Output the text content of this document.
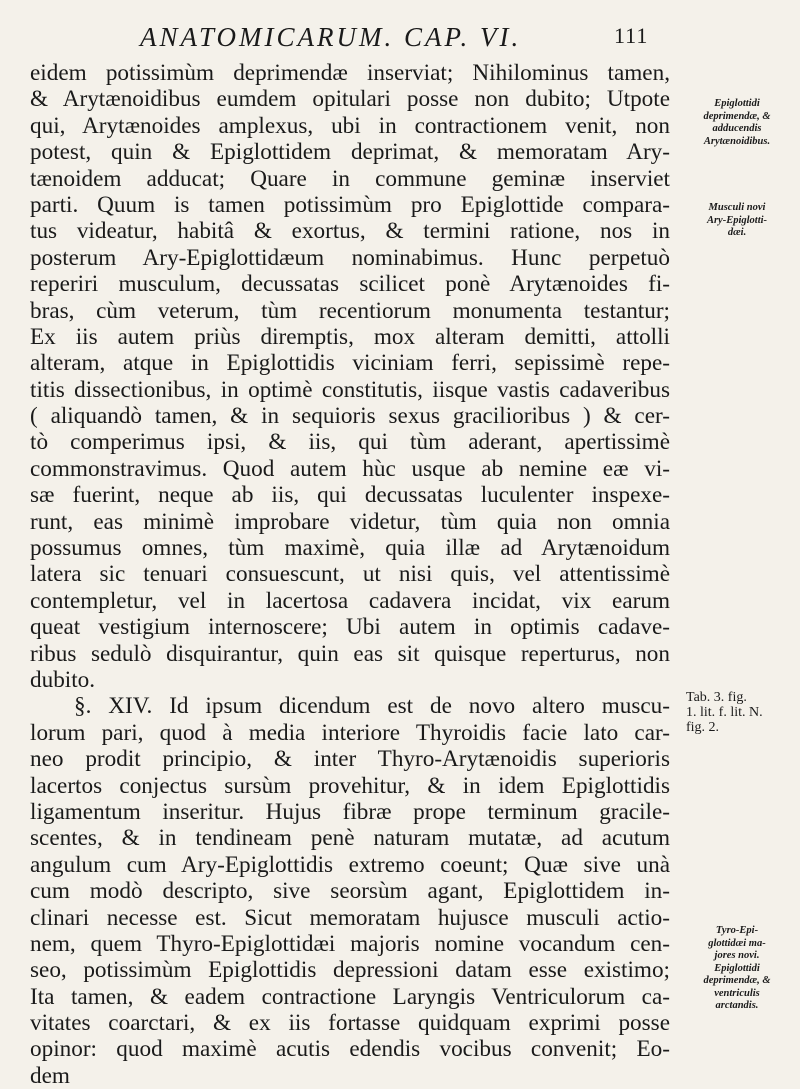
ANATOMICARUM. CAP. VI.	111
eidem potissimùm deprimendæ inserviat; Nihilominus tamen,
& Arytænoidibus eumdem opitulari posse non dubito; Utpote
qui, Arytænoides amplexus, ubi in contractionem venit, non
potest, quin & Epiglottidem deprimat, & memoratam Ary-
tænoidem adducat; Quare in commune geminæ inserviet
parti. Quum is tamen potissimùm pro Epiglottide compara-
tus videatur, habitâ & exortus, & termini ratione, nos in
posterum Ary-Epiglottidæum nominabimus. Hunc perpetuò
reperiri musculum, decussatas scilicet ponè Arytænoides fi-
bras, cùm veterum, tùm recentiorum monumenta testantur;
Ex iis autem priùs diremptis, mox alteram demitti, attolli
alteram, atque in Epiglottidis viciniam ferri, sepissimè repe-
titis dissectionibus, in optimè constitutis, iisque vastis cadaveribus
( aliquandò tamen, & in sequioris sexus gracilioribus ) & cer-
tò comperimus ipsi, & iis, qui tùm aderant, apertissimè
commonstravimus. Quod autem hùc usque ab nemine eæ vi-
sæ fuerint, neque ab iis, qui decussatas luculenter inspexe-
runt, eas minimè improbare videtur, tùm quia non omnia
possumus omnes, tùm maximè, quia illæ ad Arytænoidum
latera sic tenuari consuescunt, ut nisi quis, vel attentissimè
contempletur, vel in lacertosa cadavera incidat, vix earum
queat vestigium internoscere; Ubi autem in optimis cadave-
ribus sedulò disquirantur, quin eas sit quisque reperturus, non
dubito.
§. XIV. Id ipsum dicendum est de novo altero muscu-
lorum pari, quod à media interiore Thyroidis facie lato car-
neo prodit principio, & inter Thyro-Arytænoidis superioris
lacertos conjectus sursùm provehitur, & in idem Epiglottidis
ligamentum inseritur. Hujus fibræ prope terminum gracile-
scentes, & in tendineam penè naturam mutatæ, ad acutum
angulum cum Ary-Epiglottidis extremo coeunt; Quæ sive unà
cum modò descripto, sive seorsùm agant, Epiglottidem in-
clinari necesse est. Sicut memoratam hujusce musculi actio-
nem, quem Thyro-Epiglottidæi majoris nomine vocandum cen-
seo, potissimùm Epiglottidis depressioni datam esse existimo;
Ita tamen, & eadem contractione Laryngis Ventriculorum ca-
vitates coarctari, & ex iis fortasse quidquam exprimi posse
opinor: quod maximè acutis edendis vocibus convenit; Eo-
dem
Epiglottidi
deprimendæ, &
adducendis
Arytænoidibus.
Musculi novi
Ary-Epiglotti-
dæi.
Tab. 3. fig.
1. lit. f. lit. N.
fig. 2.
Tyro-Epi-
glottidæi ma-
jores novi.
Epiglottidi
deprimendæ, &
ventriculis
arctandis.
